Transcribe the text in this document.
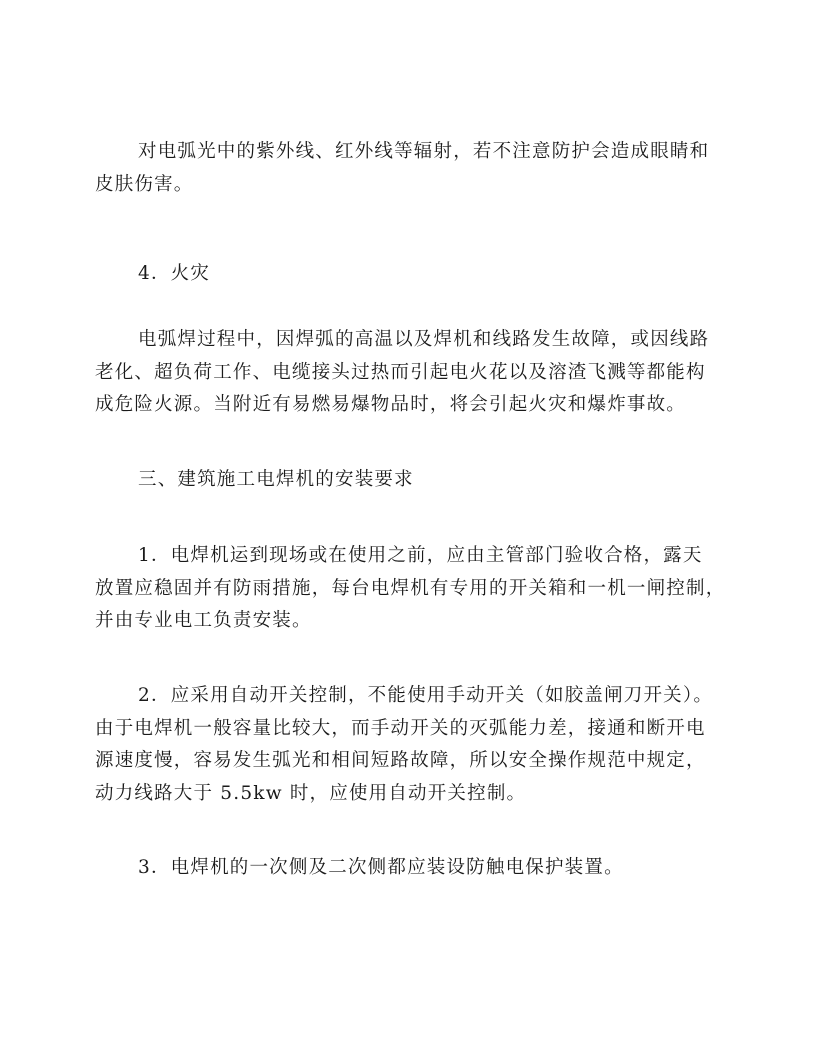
对电弧光中的紫外线、红外线等辐射，若不注意防护会造成眼睛和
皮肤伤害。
4．火灾
电弧焊过程中，因焊弧的高温以及焊机和线路发生故障，或因线路
老化、超负荷工作、电缆接头过热而引起电火花以及溶渣飞溅等都能构
成危险火源。当附近有易燃易爆物品时，将会引起火灾和爆炸事故。
三、建筑施工电焊机的安装要求
1．电焊机运到现场或在使用之前，应由主管部门验收合格，露天
放置应稳固并有防雨措施，每台电焊机有专用的开关箱和一机一闸控制，
并由专业电工负责安装。
2．应采用自动开关控制，不能使用手动开关（如胶盖闸刀开关）。
由于电焊机一般容量比较大，而手动开关的灭弧能力差，接通和断开电
源速度慢，容易发生弧光和相间短路故障，所以安全操作规范中规定，
动力线路大于 5.5kw 时，应使用自动开关控制。
3．电焊机的一次侧及二次侧都应装设防触电保护装置。
